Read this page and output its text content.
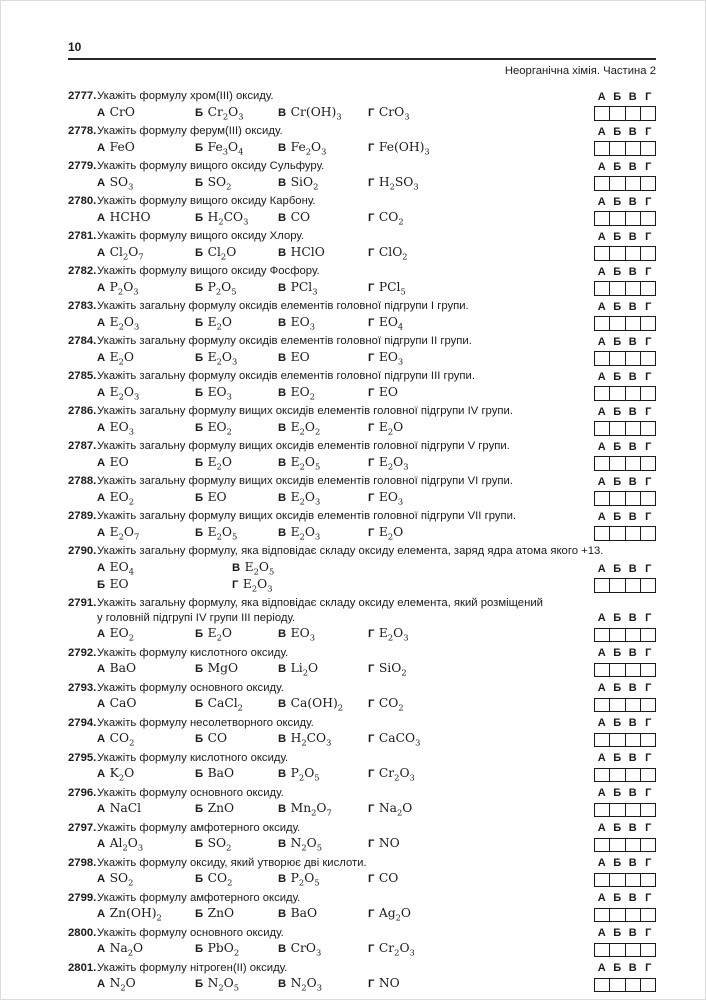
10
Неорганічна хімія. Частина 2
2777.Укажіть формулу хром(III) оксиду.	А Б В Г
А CrO	Б $Cr_2O_3$	В $Cr(OH)_3$	Г CrO$_3$
2778.Укажіть формулу ферум(III) оксиду.	А Б В Г
А FeO	Б $Fe_3O_4$	В $Fe_2O_3$	Г $Fe(OH)_3$
2779.Укажіть формулу вищого оксиду Сульфуру.	А Б В Г
А $SO_3$	Б $SO_2$	В SiO$_2$	Г $H_2SO_3$
2780.Укажіть формулу вищого оксиду Карбону.	А Б В Г
А HCHO	Б $H_2CO_3$	В CO	Г $CO_2$
2781.Укажіть формулу вищого оксиду Хлору.	А Б В Г
А $Cl_2O_7$	Б $Cl_2O$	В HClO	Г ClO$_2$
2782.Укажіть формулу вищого оксиду Фосфору.	А Б В Г
А $P_2O_3$	Б $P_2O_5$	В PCl$_3$	Г PCl$_5$
2783.Укажіть загальну формулу оксидів елементів головної підгрупи I групи.	А Б В Г
А $E_2O_3$	Б $E_2O$	В $EO_3$	Г $EO_4$
2784.Укажіть загальну формулу оксидів елементів головної підгрупи II групи.	А Б В Г
А $E_2O$	Б $E_2O_3$	В EO	Г $EO_3$
2785.Укажіть загальну формулу оксидів елементів головної підгрупи III групи.	А Б В Г
А $E_2O_3$	Б $EO_3$	В $EO_2$	Г EO
2786.Укажіть загальну формулу вищих оксидів елементів головної підгрупи IV групи.	А Б В Г
А $EO_3$	Б $EO_2$	В $E_2O_2$	Г $E_2O$
2787.Укажіть загальну формулу вищих оксидів елементів головної підгрупи V групи.	А Б В Г
А EO	Б $E_2O$	В $E_2O_5$	Г $E_2O_3$
2788.Укажіть загальну формулу вищих оксидів елементів головної підгрупи VI групи.	А Б В Г
А $EO_2$	Б EO	В $E_2O_3$	Г $EO_3$
2789.Укажіть загальну формулу вищих оксидів елементів головної підгрупи VII групи.	А Б В Г
А $E_2O_7$	Б $E_2O_5$	В $E_2O_3$	Г $E_2O$
2790.Укажіть загальну формулу, яка відповідає складу оксиду елемента, заряд ядра атома якого +13.
А $EO_4$	В $E_2O_5$	А Б В Г
Б EO	Г $E_2O_3$
2791.Укажіть загальну формулу, яка відповідає складу оксиду елемента, який розміщений
у головній підгрупі IV групи III періоду.	А Б В Г
А $EO_2$	Б $E_2O$	В $EO_3$	Г $E_2O_3$
2792.Укажіть формулу кислотного оксиду.	А Б В Г
А BaO	Б MgO	В $Li_2O$	Г SiO$_2$
2793.Укажіть формулу основного оксиду.	А Б В Г
А CaO	Б CaCl$_2$	В $Ca(OH)_2$	Г $CO_2$
2794.Укажіть формулу несолетворного оксиду.	А Б В Г
А $CO_2$	Б CO	В $H_2CO_3$	Г CaCO$_3$
2795.Укажіть формулу кислотного оксиду.	А Б В Г
А $K_2O$	Б BaO	В $P_2O_5$	Г $Cr_2O_3$
2796.Укажіть формулу основного оксиду.	А Б В Г
А NaCl	Б ZnO	В $Mn_2O_7$	Г $Na_2O$
2797.Укажіть формулу амфотерного оксиду.	А Б В Г
А $Al_2O_3$	Б $SO_2$	В $N_2O_5$	Г NO
2798.Укажіть формулу оксиду, який утворює дві кислоти.	А Б В Г
А $SO_2$	Б $CO_2$	В $P_2O_5$	Г CO
2799.Укажіть формулу амфотерного оксиду.	А Б В Г
А $Zn(OH)_2$	Б ZnO	В BaO	Г $Ag_2O$
2800.Укажіть формулу основного оксиду.	А Б В Г
А $Na_2O$	Б PbO$_2$	В CrO$_3$	Г $Cr_2O_3$
2801.Укажіть формулу нітроген(II) оксиду.	А Б В Г
А $N_2O$	Б $N_2O_5$	В $N_2O_3$	Г NO
